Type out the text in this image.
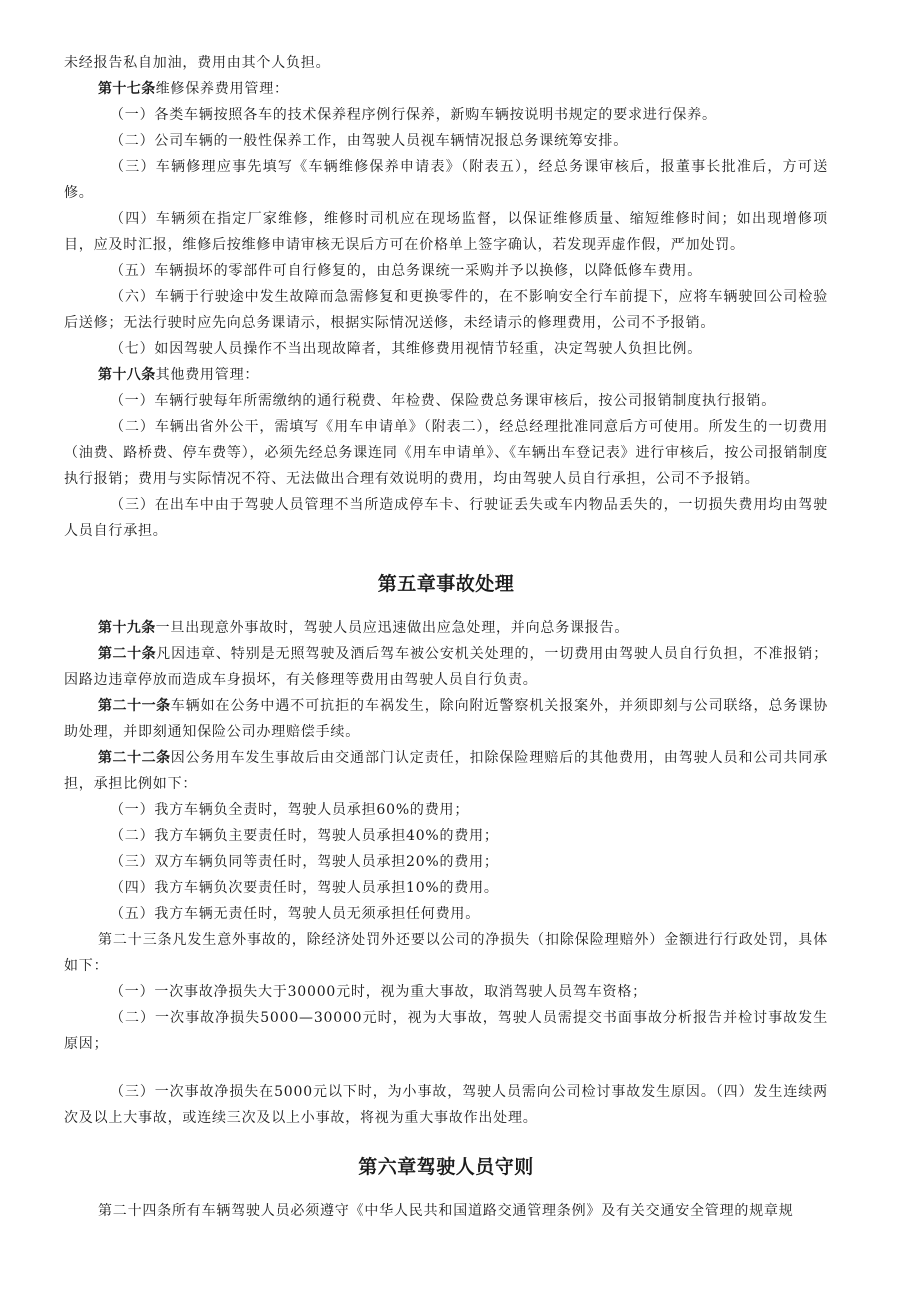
未经报告私自加油，费用由其个人负担。

第十七条维修保养费用管理：

（一）各类车辆按照各车的技术保养程序例行保养，新购车辆按说明书规定的要求进行保养。

（二）公司车辆的一般性保养工作，由驾驶人员视车辆情况报总务课统筹安排。

（三）车辆修理应事先填写《车辆维修保养申请表》（附表五），经总务课审核后，报董事长批准后，方可送修。

（四）车辆须在指定厂家维修，维修时司机应在现场监督，以保证维修质量、缩短维修时间；如出现增修项目，应及时汇报，维修后按维修申请审核无误后方可在价格单上签字确认，若发现弄虚作假，严加处罚。

（五）车辆损坏的零部件可自行修复的，由总务课统一采购并予以换修，以降低修车费用。

（六）车辆于行驶途中发生故障而急需修复和更换零件的，在不影响安全行车前提下，应将车辆驶回公司检验后送修；无法行驶时应先向总务课请示，根据实际情况送修，未经请示的修理费用，公司不予报销。

（七）如因驾驶人员操作不当出现故障者，其维修费用视情节轻重，决定驾驶人负担比例。

第十八条其他费用管理：

（一）车辆行驶每年所需缴纳的通行税费、年检费、保险费总务课审核后，按公司报销制度执行报销。

（二）车辆出省外公干，需填写《用车申请单》（附表二），经总经理批准同意后方可使用。所发生的一切费用（油费、路桥费、停车费等），必须先经总务课连同《用车申请单》、《车辆出车登记表》进行审核后，按公司报销制度执行报销；费用与实际情况不符、无法做出合理有效说明的费用，均由驾驶人员自行承担，公司不予报销。

（三）在出车中由于驾驶人员管理不当所造成停车卡、行驶证丢失或车内物品丢失的，一切损失费用均由驾驶人员自行承担。

第五章事故处理

第十九条一旦出现意外事故时，驾驶人员应迅速做出应急处理，并向总务课报告。

第二十条凡因违章、特别是无照驾驶及酒后驾车被公安机关处理的，一切费用由驾驶人员自行负担，不准报销；因路边违章停放而造成车身损坏，有关修理等费用由驾驶人员自行负责。

第二十一条车辆如在公务中遇不可抗拒的车祸发生，除向附近警察机关报案外，并须即刻与公司联络，总务课协助处理，并即刻通知保险公司办理赔偿手续。

第二十二条因公务用车发生事故后由交通部门认定责任，扣除保险理赔后的其他费用，由驾驶人员和公司共同承担，承担比例如下：

（一）我方车辆负全责时，驾驶人员承担60%的费用；

（二）我方车辆负主要责任时，驾驶人员承担40%的费用；

（三）双方车辆负同等责任时，驾驶人员承担20%的费用；

（四）我方车辆负次要责任时，驾驶人员承担10%的费用。

（五）我方车辆无责任时，驾驶人员无须承担任何费用。

第二十三条凡发生意外事故的，除经济处罚外还要以公司的净损失（扣除保险理赔外）金额进行行政处罚，具体如下：

（一）一次事故净损失大于30000元时，视为重大事故，取消驾驶人员驾车资格；

（二）一次事故净损失5000—30000元时，视为大事故，驾驶人员需提交书面事故分析报告并检讨事故发生原因；

（三）一次事故净损失在5000元以下时，为小事故，驾驶人员需向公司检讨事故发生原因。（四）发生连续两次及以上大事故，或连续三次及以上小事故，将视为重大事故作出处理。

第六章驾驶人员守则

第二十四条所有车辆驾驶人员必须遵守《中华人民共和国道路交通管理条例》及有关交通安全管理的规章规
